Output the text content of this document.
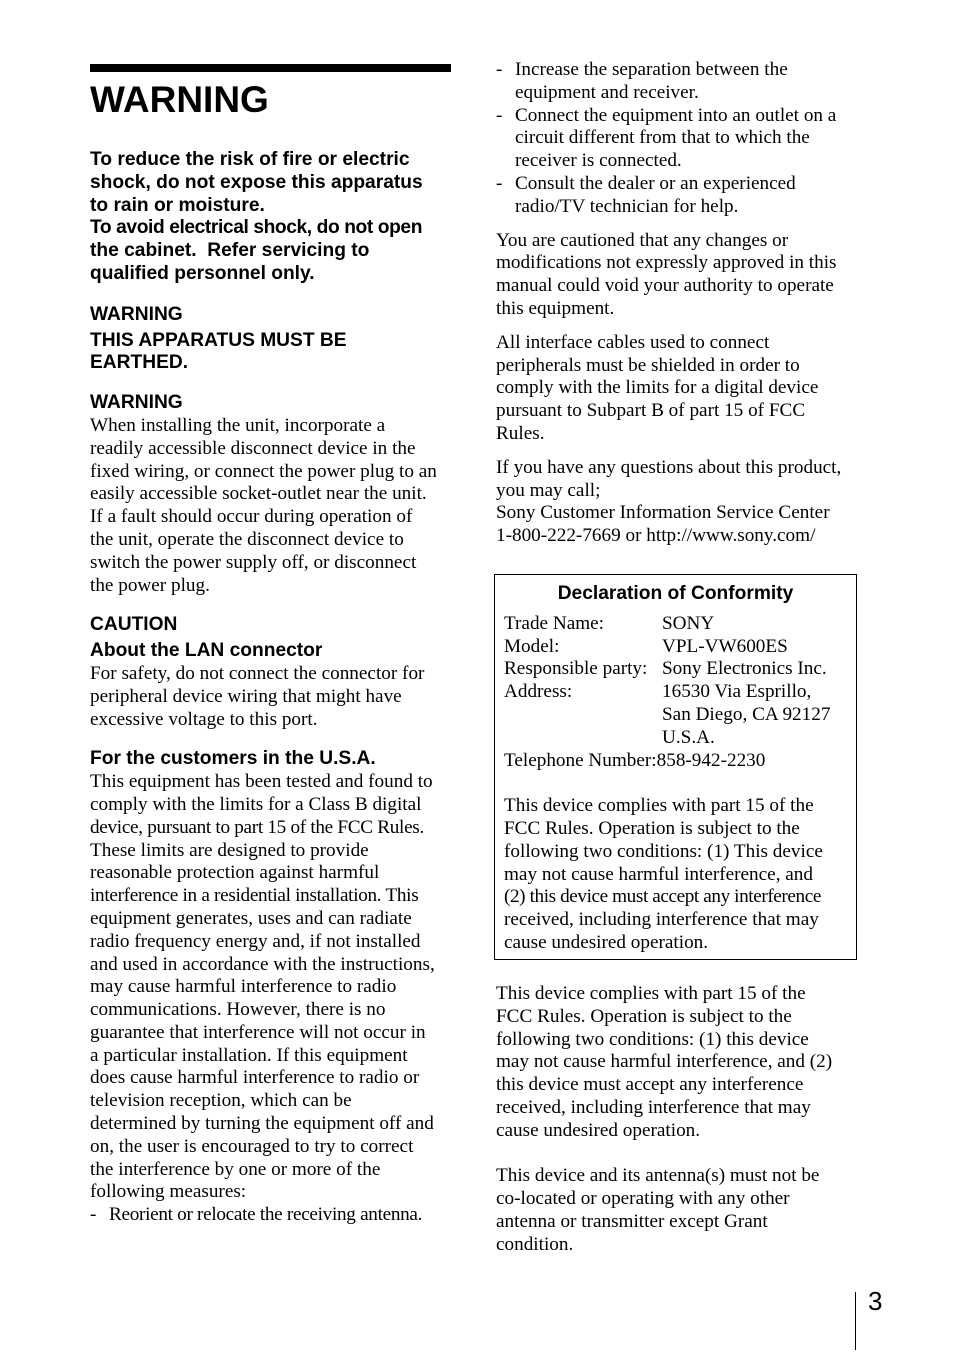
WARNING
To reduce the risk of fire or electric
shock, do not expose this apparatus
to rain or moisture.
To avoid electrical shock, do not open
the cabinet.  Refer servicing to
qualified personnel only.
WARNING
THIS APPARATUS MUST BE
EARTHED.
WARNING
When installing the unit, incorporate a
readily accessible disconnect device in the
fixed wiring, or connect the power plug to an
easily accessible socket-outlet near the unit.
If a fault should occur during operation of
the unit, operate the disconnect device to
switch the power supply off, or disconnect
the power plug.
CAUTION
About the LAN connector
For safety, do not connect the connector for
peripheral device wiring that might have
excessive voltage to this port.
For the customers in the U.S.A.
This equipment has been tested and found to
comply with the limits for a Class B digital
device, pursuant to part 15 of the FCC Rules.
These limits are designed to provide
reasonable protection against harmful
interference in a residential installation. This
equipment generates, uses and can radiate
radio frequency energy and, if not installed
and used in accordance with the instructions,
may cause harmful interference to radio
communications. However, there is no
guarantee that interference will not occur in
a particular installation. If this equipment
does cause harmful interference to radio or
television reception, which can be
determined by turning the equipment off and
on, the user is encouraged to try to correct
the interference by one or more of the
following measures:
- Reorient or relocate the receiving antenna.
- Increase the separation between the
equipment and receiver.
- Connect the equipment into an outlet on a
circuit different from that to which the
receiver is connected.
- Consult the dealer or an experienced
radio/TV technician for help.
You are cautioned that any changes or
modifications not expressly approved in this
manual could void your authority to operate
this equipment.
All interface cables used to connect
peripherals must be shielded in order to
comply with the limits for a digital device
pursuant to Subpart B of part 15 of FCC
Rules.
If you have any questions about this product,
you may call;
Sony Customer Information Service Center
1-800-222-7669 or http://www.sony.com/
Declaration of Conformity
Trade Name:	SONY
Model:	VPL-VW600ES
Responsible party: Sony Electronics Inc.
Address:	16530 Via Esprillo,
San Diego, CA 92127
U.S.A.
Telephone Number:858-942-2230
This device complies with part 15 of the
FCC Rules. Operation is subject to the
following two conditions: (1) This device
may not cause harmful interference, and
(2) this device must accept any interference
received, including interference that may
cause undesired operation.
This device complies with part 15 of the
FCC Rules. Operation is subject to the
following two conditions: (1) this device
may not cause harmful interference, and (2)
this device must accept any interference
received, including interference that may
cause undesired operation.
This device and its antenna(s) must not be
co-located or operating with any other
antenna or transmitter except Grant
condition.
3
